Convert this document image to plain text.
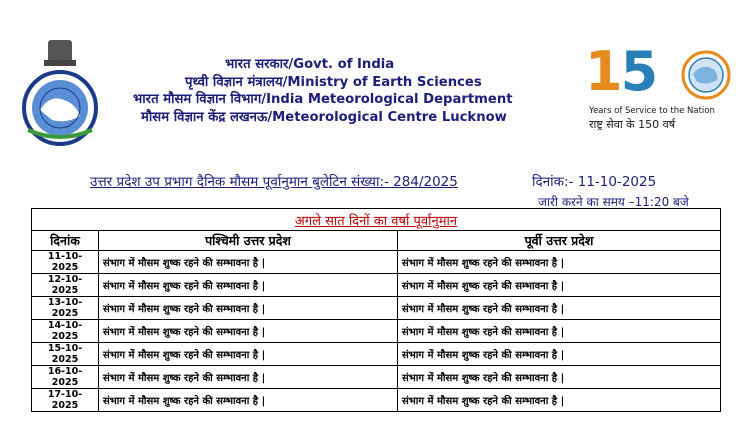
भारत सरकार/Govt. of India
पृथ्वी विज्ञान मंत्रालय/Ministry of Earth Sciences
भारत मौसम विज्ञान विभाग/India Meteorological Department
मौसम विज्ञान केंद्र लखनऊ/Meteorological Centre Lucknow
15
Years of Service to the Nation
राष्ट्र सेवा के 150 वर्ष
उत्तर प्रदेश उप प्रभाग दैनिक मौसम पूर्वानुमान बुलेटिन संख्या:- 284/2025	दिनांक:- 11-10-2025
जारी करने का समय –11:20 बजे
अगले सात दिनों का वर्षा पूर्वानुमान		
दिनांक	पश्चिमी उत्तर प्रदेश	पूर्वी उत्तर प्रदेश
11-10-2025	संभाग में मौसम शुष्क रहने की सम्भावना है |	संभाग में मौसम शुष्क रहने की सम्भावना है |
12-10-2025	संभाग में मौसम शुष्क रहने की सम्भावना है |	संभाग में मौसम शुष्क रहने की सम्भावना है |
13-10-2025	संभाग में मौसम शुष्क रहने की सम्भावना है |	संभाग में मौसम शुष्क रहने की सम्भावना है |
14-10-2025	संभाग में मौसम शुष्क रहने की सम्भावना है |	संभाग में मौसम शुष्क रहने की सम्भावना है |
15-10-2025	संभाग में मौसम शुष्क रहने की सम्भावना है |	संभाग में मौसम शुष्क रहने की सम्भावना है |
16-10-2025	संभाग में मौसम शुष्क रहने की सम्भावना है |	संभाग में मौसम शुष्क रहने की सम्भावना है |
17-10-2025	संभाग में मौसम शुष्क रहने की सम्भावना है |	संभाग में मौसम शुष्क रहने की सम्भावना है |
